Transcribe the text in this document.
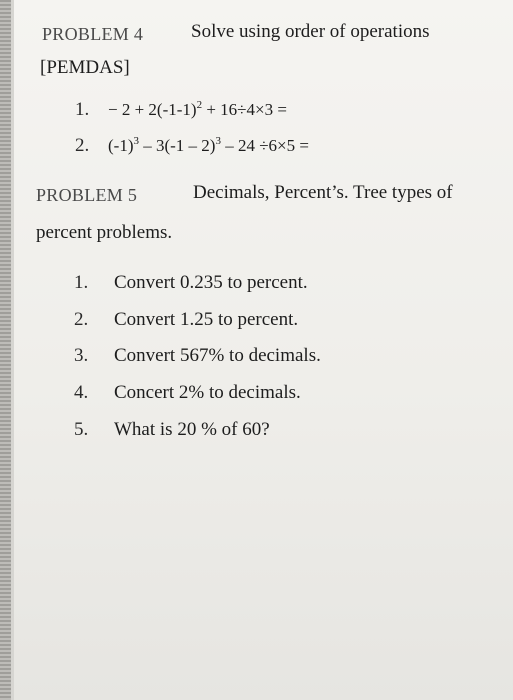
PROBLEM 4	Solve using order of operations
[PEMDAS]
1. − $2 + 2(-1-1)^2 + 16\div 4\times 3$ =
2. $(-1)^3 - 3(-1 - 2)^3 - 24 \div 6\times 5$ =
PROBLEM 5	Decimals, Percent’s. Tree types of
percent problems.
1. Convert 0.235 to percent.
2. Convert 1.25 to percent.
3. Convert 567% to decimals.
4. Concert 2% to decimals.
5. What is 20 % of 60?
